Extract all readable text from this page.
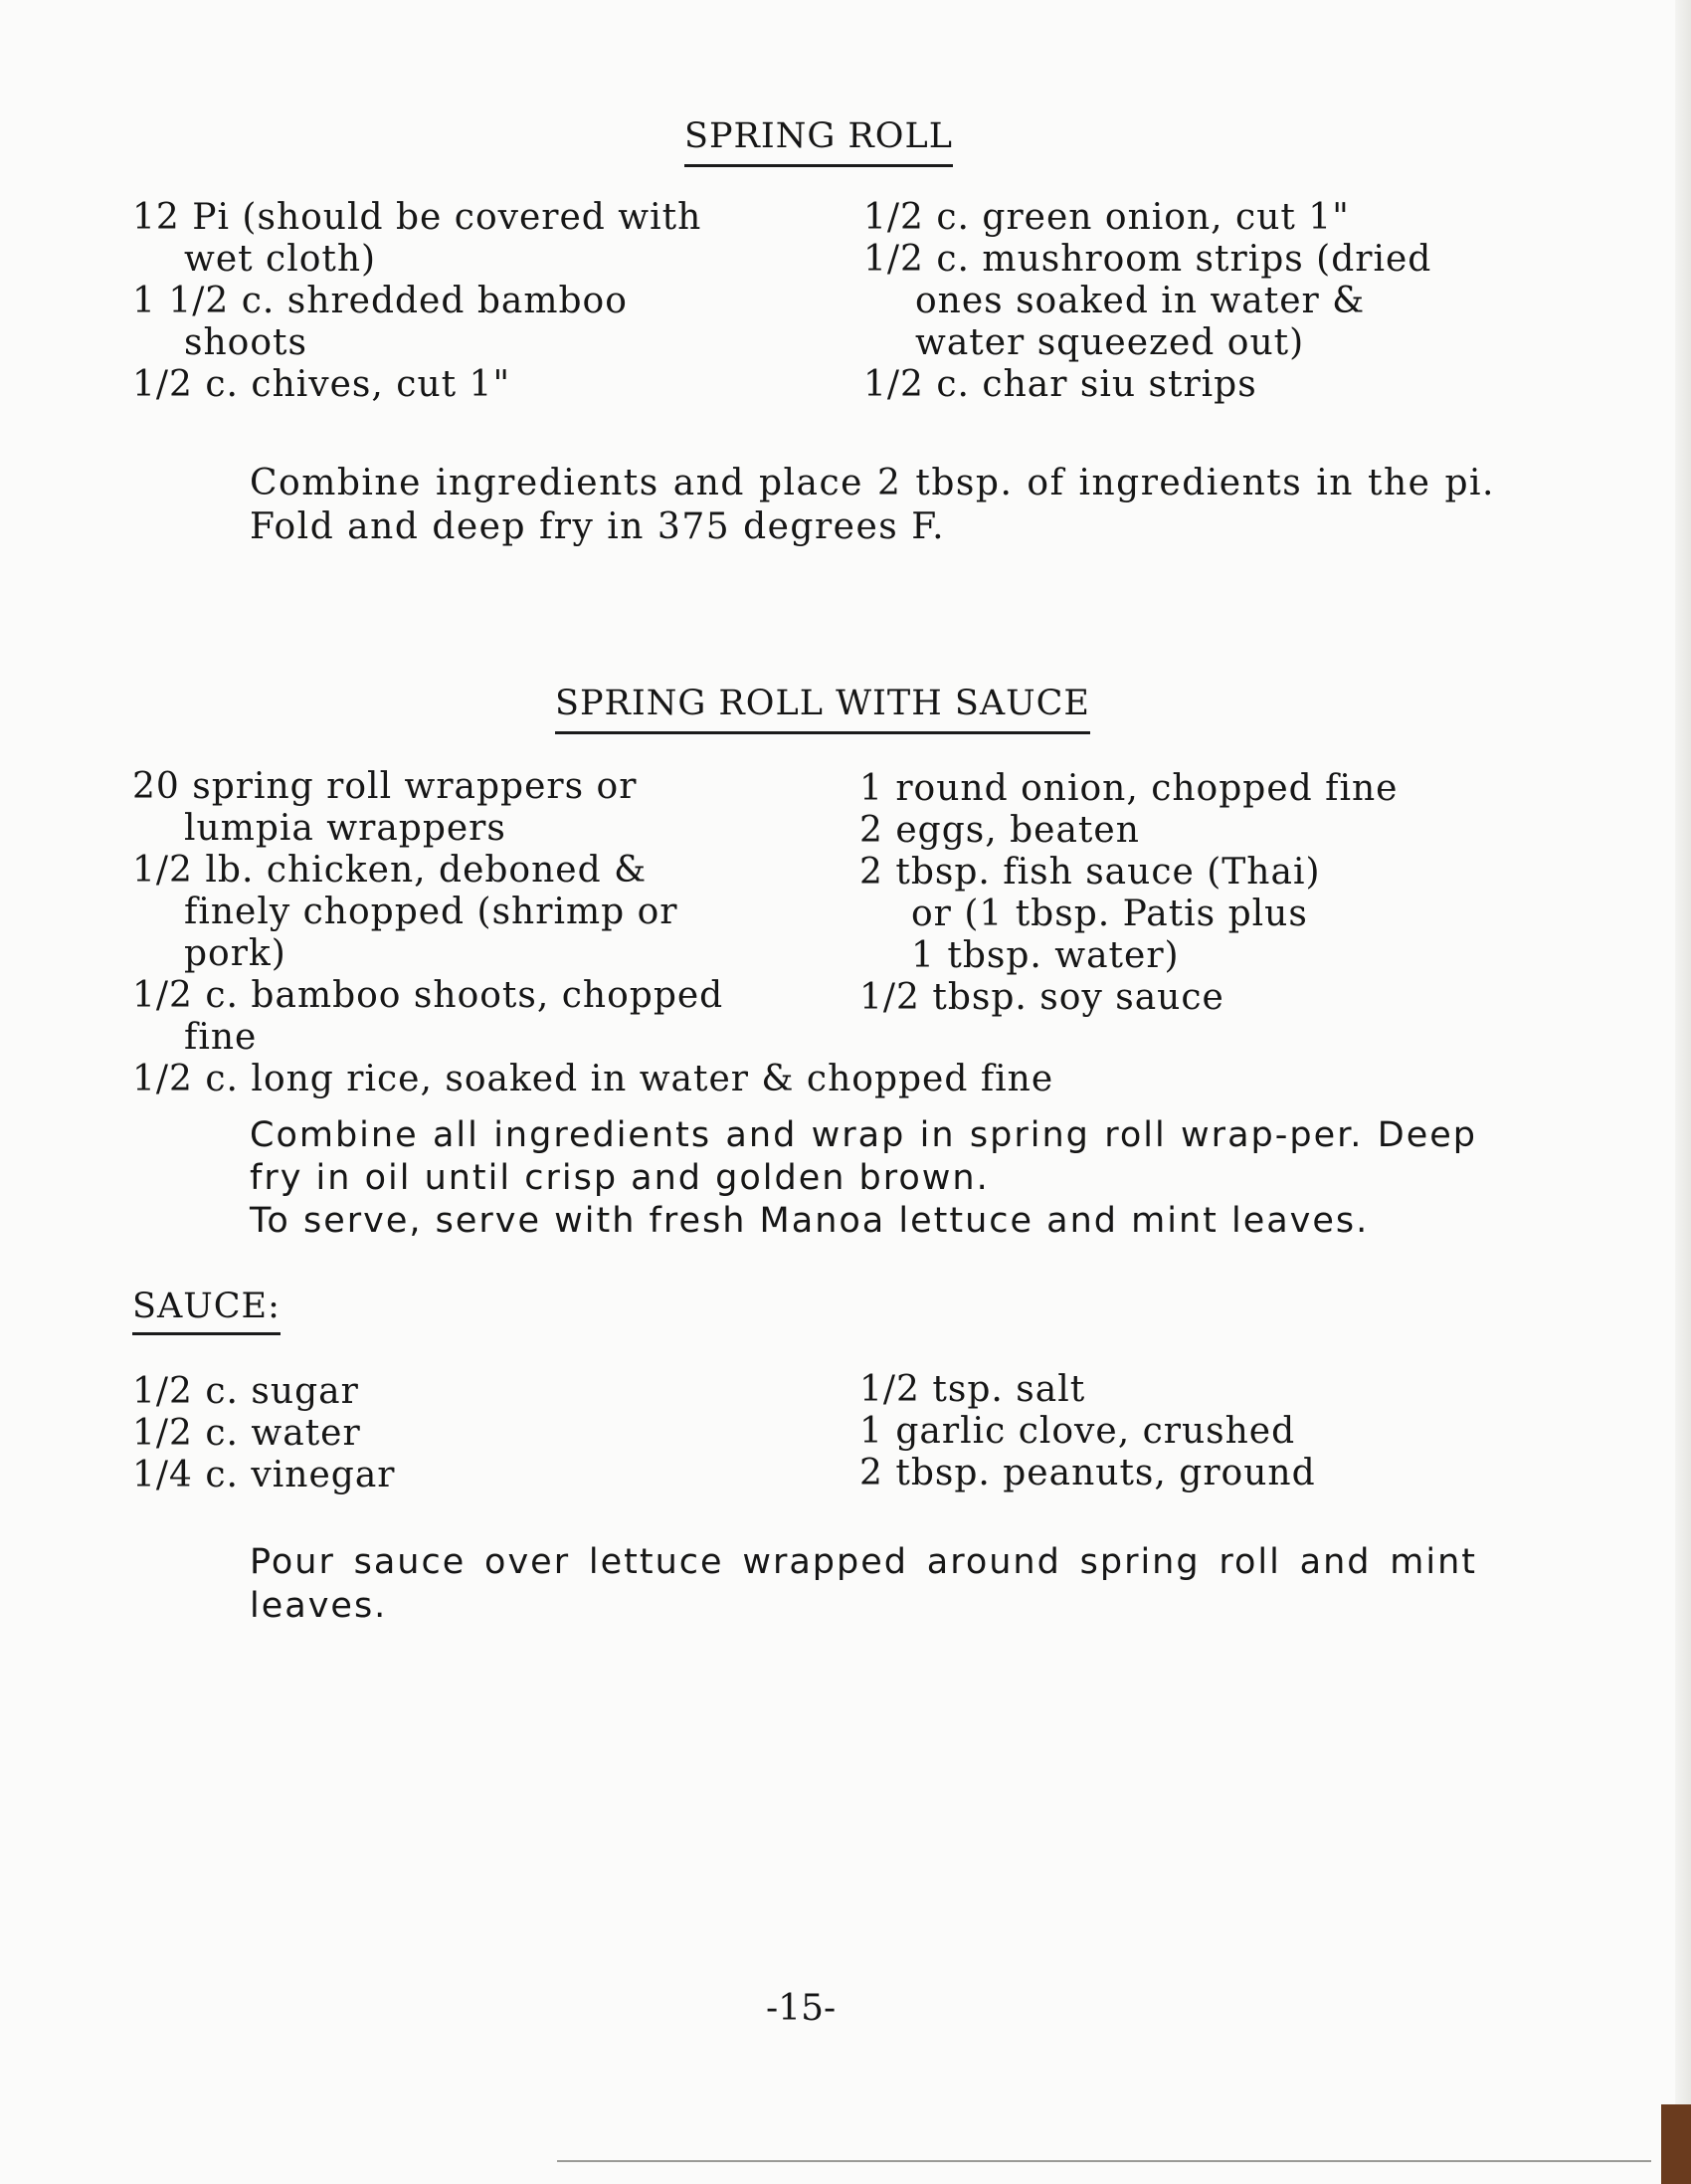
SPRING ROLL
12 Pi (should be covered with
wet cloth)
1 1/2 c. shredded bamboo
shoots
1/2 c. chives, cut 1"
1/2 c. green onion, cut 1"
1/2 c. mushroom strips (dried
ones soaked in water &
water squeezed out)
1/2 c. char siu strips
Combine ingredients and place 2 tbsp. of ingredients in the pi. Fold and deep fry in 375 degrees F.
SPRING ROLL WITH SAUCE
20 spring roll wrappers or
lumpia wrappers
1/2 lb. chicken, deboned &
finely chopped (shrimp or
pork)
1/2 c. bamboo shoots, chopped
fine
1/2 c. long rice, soaked in water & chopped fine
1 round onion, chopped fine
2 eggs, beaten
2 tbsp. fish sauce (Thai)
or (1 tbsp. Patis plus
1 tbsp. water)
1/2 tbsp. soy sauce
Combine all ingredients and wrap in spring roll wrap-per. Deep fry in oil until crisp and golden brown.
To serve, serve with fresh Manoa lettuce and mint leaves.
SAUCE:
1/2 c. sugar
1/2 c. water
1/4 c. vinegar
1/2 tsp. salt
1 garlic clove, crushed
2 tbsp. peanuts, ground
Pour sauce over lettuce wrapped around spring roll and mint leaves.
-15-
